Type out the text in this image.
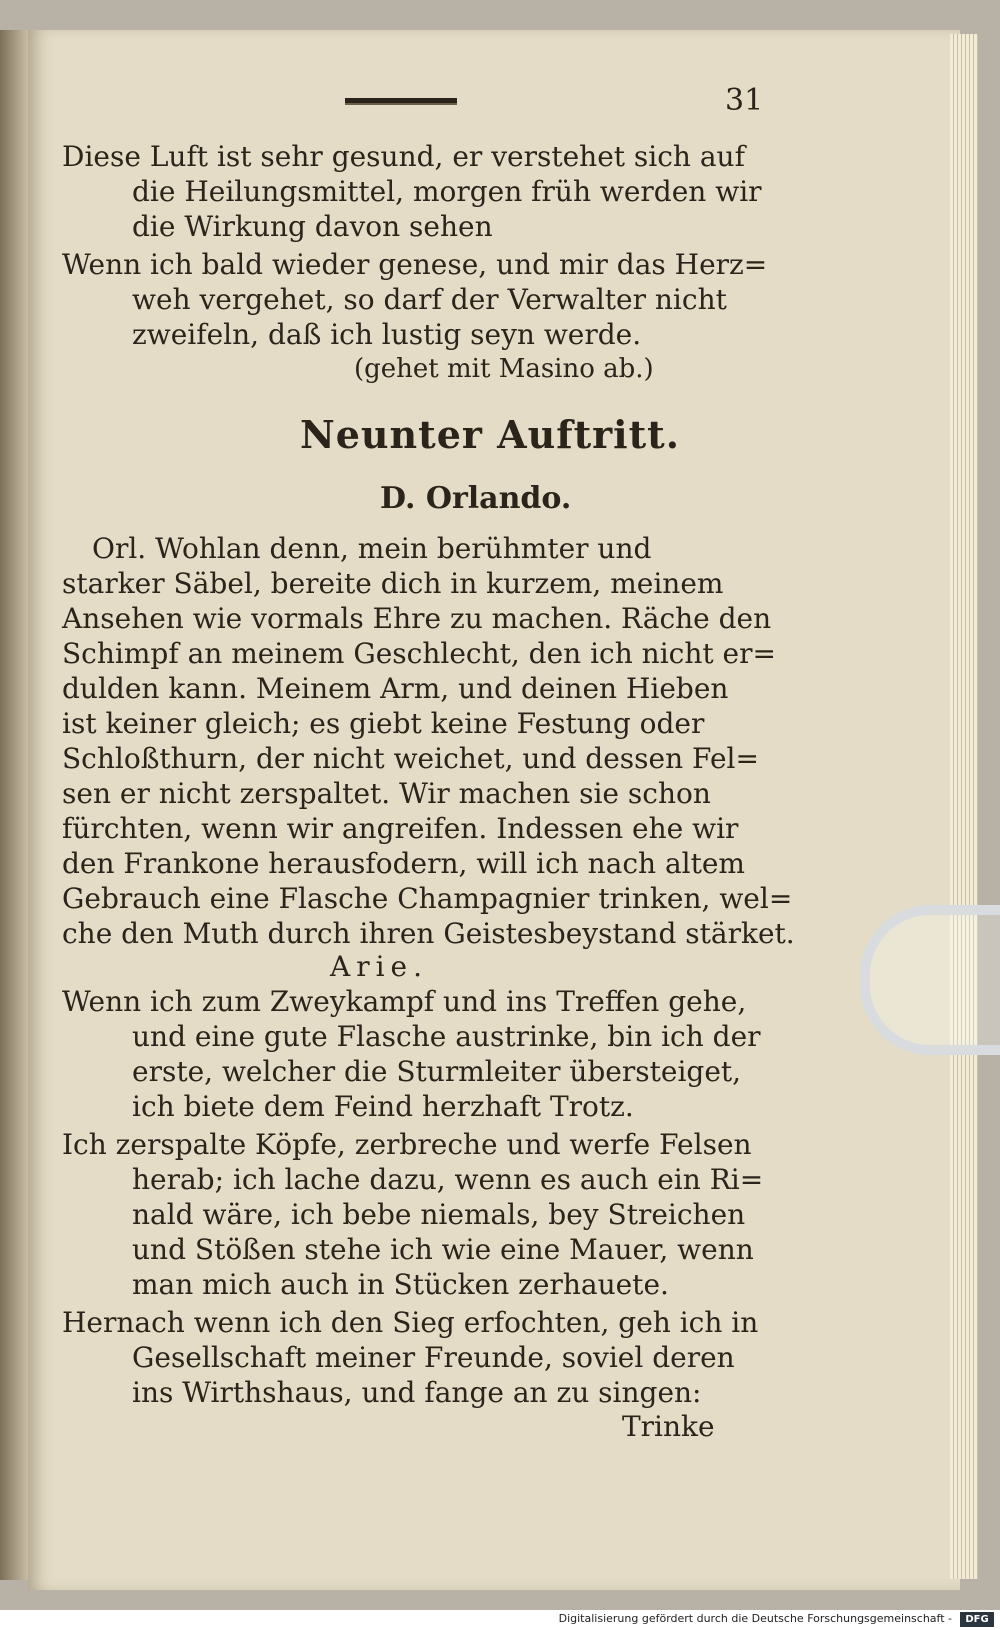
31
Diese Luft ist sehr gesund, er verstehet sich auf
die Heilungsmittel, morgen früh werden wir
die Wirkung davon sehen
Wenn ich bald wieder genese, und mir das Herz=
weh vergehet, so darf der Verwalter nicht
zweifeln, daß ich lustig seyn werde.
(gehet mit Masino ab.)
Neunter Auftritt.
D. Orlando.
Orl. Wohlan denn, mein berühmter und
starker Säbel, bereite dich in kurzem, meinem
Ansehen wie vormals Ehre zu machen. Räche den
Schimpf an meinem Geschlecht, den ich nicht er=
dulden kann. Meinem Arm, und deinen Hieben
ist keiner gleich; es giebt keine Festung oder
Schloßthurn, der nicht weichet, und dessen Fel=
sen er nicht zerspaltet. Wir machen sie schon
fürchten, wenn wir angreifen. Indessen ehe wir
den Frankone herausfodern, will ich nach altem
Gebrauch eine Flasche Champagnier trinken, wel=
che den Muth durch ihren Geistesbeystand stärket.
Arie.
Wenn ich zum Zweykampf und ins Treffen gehe,
und eine gute Flasche austrinke, bin ich der
erste, welcher die Sturmleiter übersteiget,
ich biete dem Feind herzhaft Trotz.
Ich zerspalte Köpfe, zerbreche und werfe Felsen
herab; ich lache dazu, wenn es auch ein Ri=
nald wäre, ich bebe niemals, bey Streichen
und Stößen stehe ich wie eine Mauer, wenn
man mich auch in Stücken zerhauete.
Hernach wenn ich den Sieg erfochten, geh ich in
Gesellschaft meiner Freunde, soviel deren
ins Wirthshaus, und fange an zu singen:
Trinke
Digitalisierung gefördert durch die Deutsche Forschungsgemeinschaft -	DFG
